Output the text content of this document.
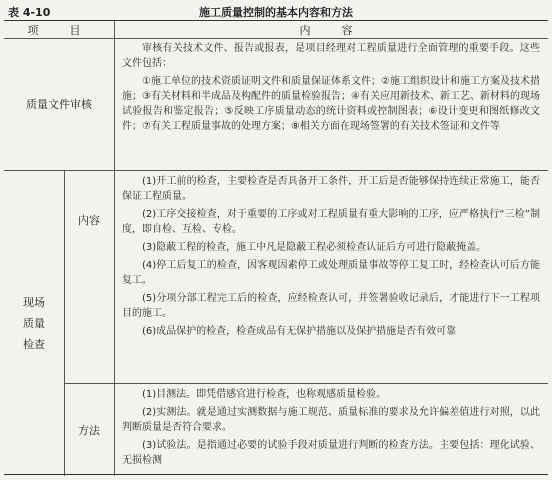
表 4-10	施工质量控制的基本内容和方法
项　目	内　容
质量文件审核

审核有关技术文件、报告或报表，是项目经理对工程质量进行全面管理的重要手段。这些文件包括：

①施工单位的技术资质证明文件和质量保证体系文件；②施工组织设计和施工方案及技术措施；③有关材料和半成品及构配件的质量检验报告；④有关应用新技术、新工艺、新材料的现场试验报告和鉴定报告；⑤反映工序质量动态的统计资料或控制图表；⑥设计变更和图纸修改文件；⑦有关工程质量事故的处理方案；⑧相关方面在现场签署的有关技术签证和文件等

现场
质量
检查
内容

(1)开工前的检查，主要检查是否具备开工条件，开工后是否能够保持连续正常施工，能否保证工程质量。

(2)工序交接检查，对于重要的工序或对工程质量有重大影响的工序，应严格执行“三检”制度，即自检、互检、专检。

(3)隐蔽工程的检查，施工中凡是隐蔽工程必须检查认证后方可进行隐蔽掩盖。

(4)停工后复工的检查，因客观因素停工或处理质量事故等停工复工时，经检查认可后方能复工。

(5)分项分部工程完工后的检查，应经检查认可，并签署验收记录后，才能进行下一工程项目的施工。

(6)成品保护的检查，检查成品有无保护措施以及保护措施是否有效可靠

方法

(1)目测法。即凭借感官进行检查，也称观感质量检验。

(2)实测法。就是通过实测数据与施工规范、质量标准的要求及允许偏差值进行对照，以此判断质量是否符合要求。

(3)试验法。是指通过必要的试验手段对质量进行判断的检查方法。主要包括：理化试验、无损检测
